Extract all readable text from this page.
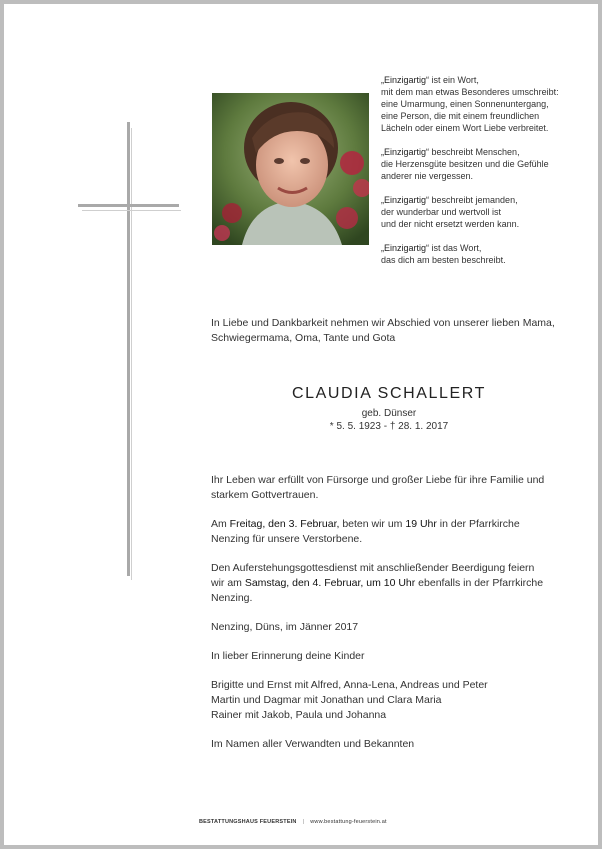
„Einzigartig“ ist ein Wort,
mit dem man etwas Besonderes umschreibt:
eine Umarmung, einen Sonnenuntergang,
eine Person, die mit einem freundlichen
Lächeln oder einem Wort Liebe verbreitet.

„Einzigartig“ beschreibt Menschen,
die Herzensgüte besitzen und die Gefühle
anderer nie vergessen.

„Einzigartig“ beschreibt jemanden,
der wunderbar und wertvoll ist
und der nicht ersetzt werden kann.

„Einzigartig“ ist das Wort,
das dich am besten beschreibt.

In Liebe und Dankbarkeit nehmen wir Abschied von unserer lieben Mama,
Schwiegermama, Oma, Tante und Gota
CLAUDIA SCHALLERT
geb. Dünser
* 5. 5. 1923 - † 28. 1. 2017

Ihr Leben war erfüllt von Fürsorge und großer Liebe für ihre Familie und
starkem Gottvertrauen.

Am Freitag, den 3. Februar, beten wir um 19 Uhr in der Pfarrkirche
Nenzing für unsere Verstorbene.

Den Auferstehungsgottesdienst mit anschließender Beerdigung feiern
wir am Samstag, den 4. Februar, um 10 Uhr ebenfalls in der Pfarrkirche
Nenzing.

Nenzing, Düns, im Jänner 2017

In lieber Erinnerung deine Kinder

Brigitte und Ernst mit Alfred, Anna-Lena, Andreas und Peter
Martin und Dagmar mit Jonathan und Clara Maria
Rainer mit Jakob, Paula und Johanna

Im Namen aller Verwandten und Bekannten

BESTATTUNGSHAUS FEUERSTEIN | www.bestattung-feuerstein.at
